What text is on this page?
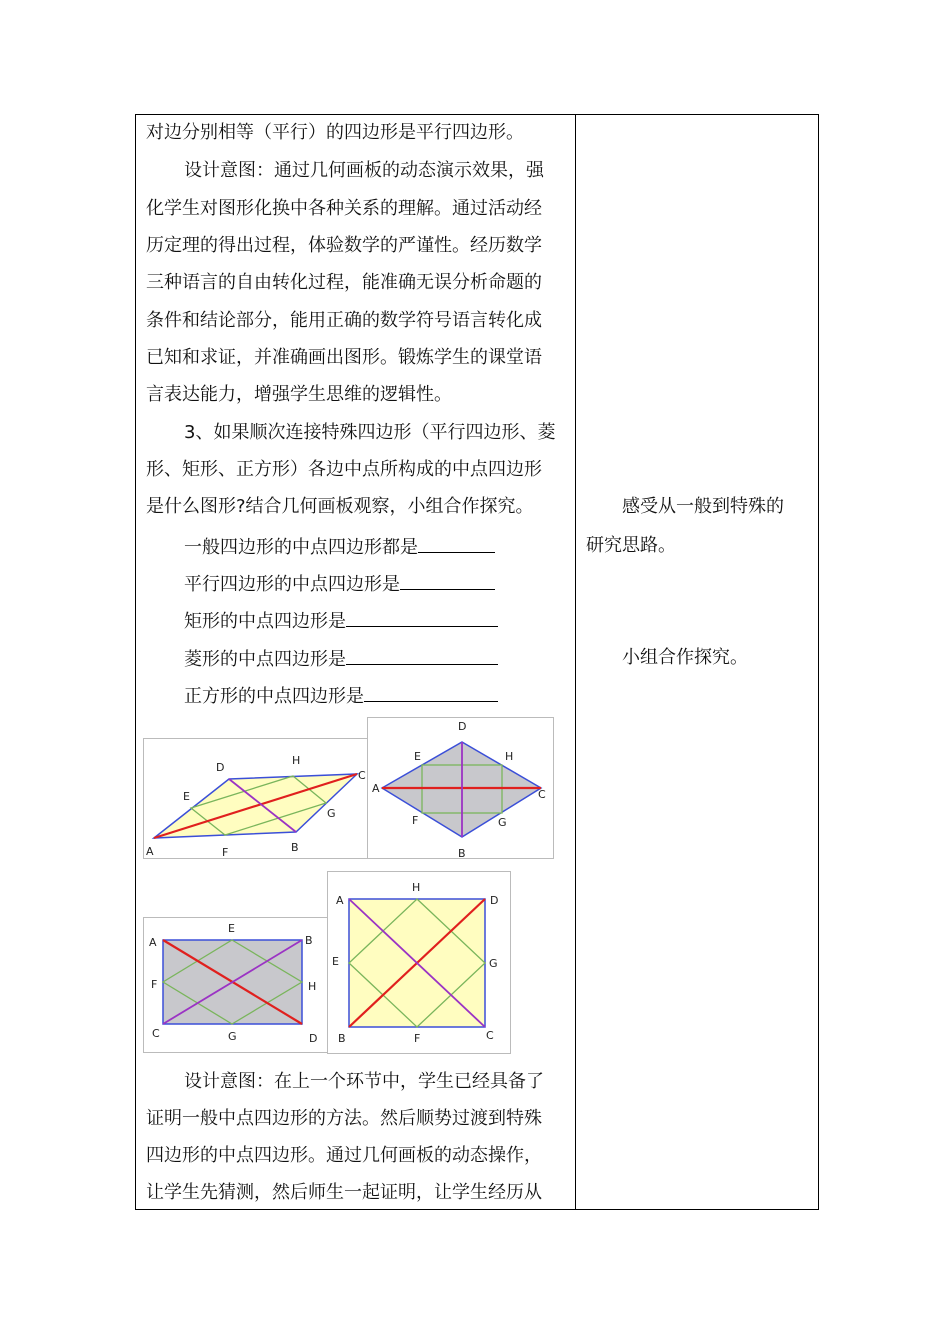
对边分别相等（平行）的四边形是平行四边形。
设计意图：通过几何画板的动态演示效果，强
化学生对图形化换中各种关系的理解。通过活动经
历定理的得出过程，体验数学的严谨性。经历数学
三种语言的自由转化过程，能准确无误分析命题的
条件和结论部分，能用正确的数学符号语言转化成
已知和求证，并准确画出图形。锻炼学生的课堂语
言表达能力，增强学生思维的逻辑性。
3、如果顺次连接特殊四边形（平行四边形、菱
形、矩形、正方形）各边中点所构成的中点四边形
是什么图形?结合几何画板观察，小组合作探究。
一般四边形的中点四边形都是
平行四边形的中点四边形是
矩形的中点四边形是
菱形的中点四边形是
正方形的中点四边形是
D
H
C
E
G
A	F	B
D
E	H
A	C
F	G
B
E
A	B
F	H
C	G	D
H
A	D
E	G
B	F	C
设计意图：在上一个环节中，学生已经具备了
证明一般中点四边形的方法。然后顺势过渡到特殊
四边形的中点四边形。通过几何画板的动态操作，
让学生先猜测，然后师生一起证明，让学生经历从
感受从一般到特殊的
研究思路。
小组合作探究。
